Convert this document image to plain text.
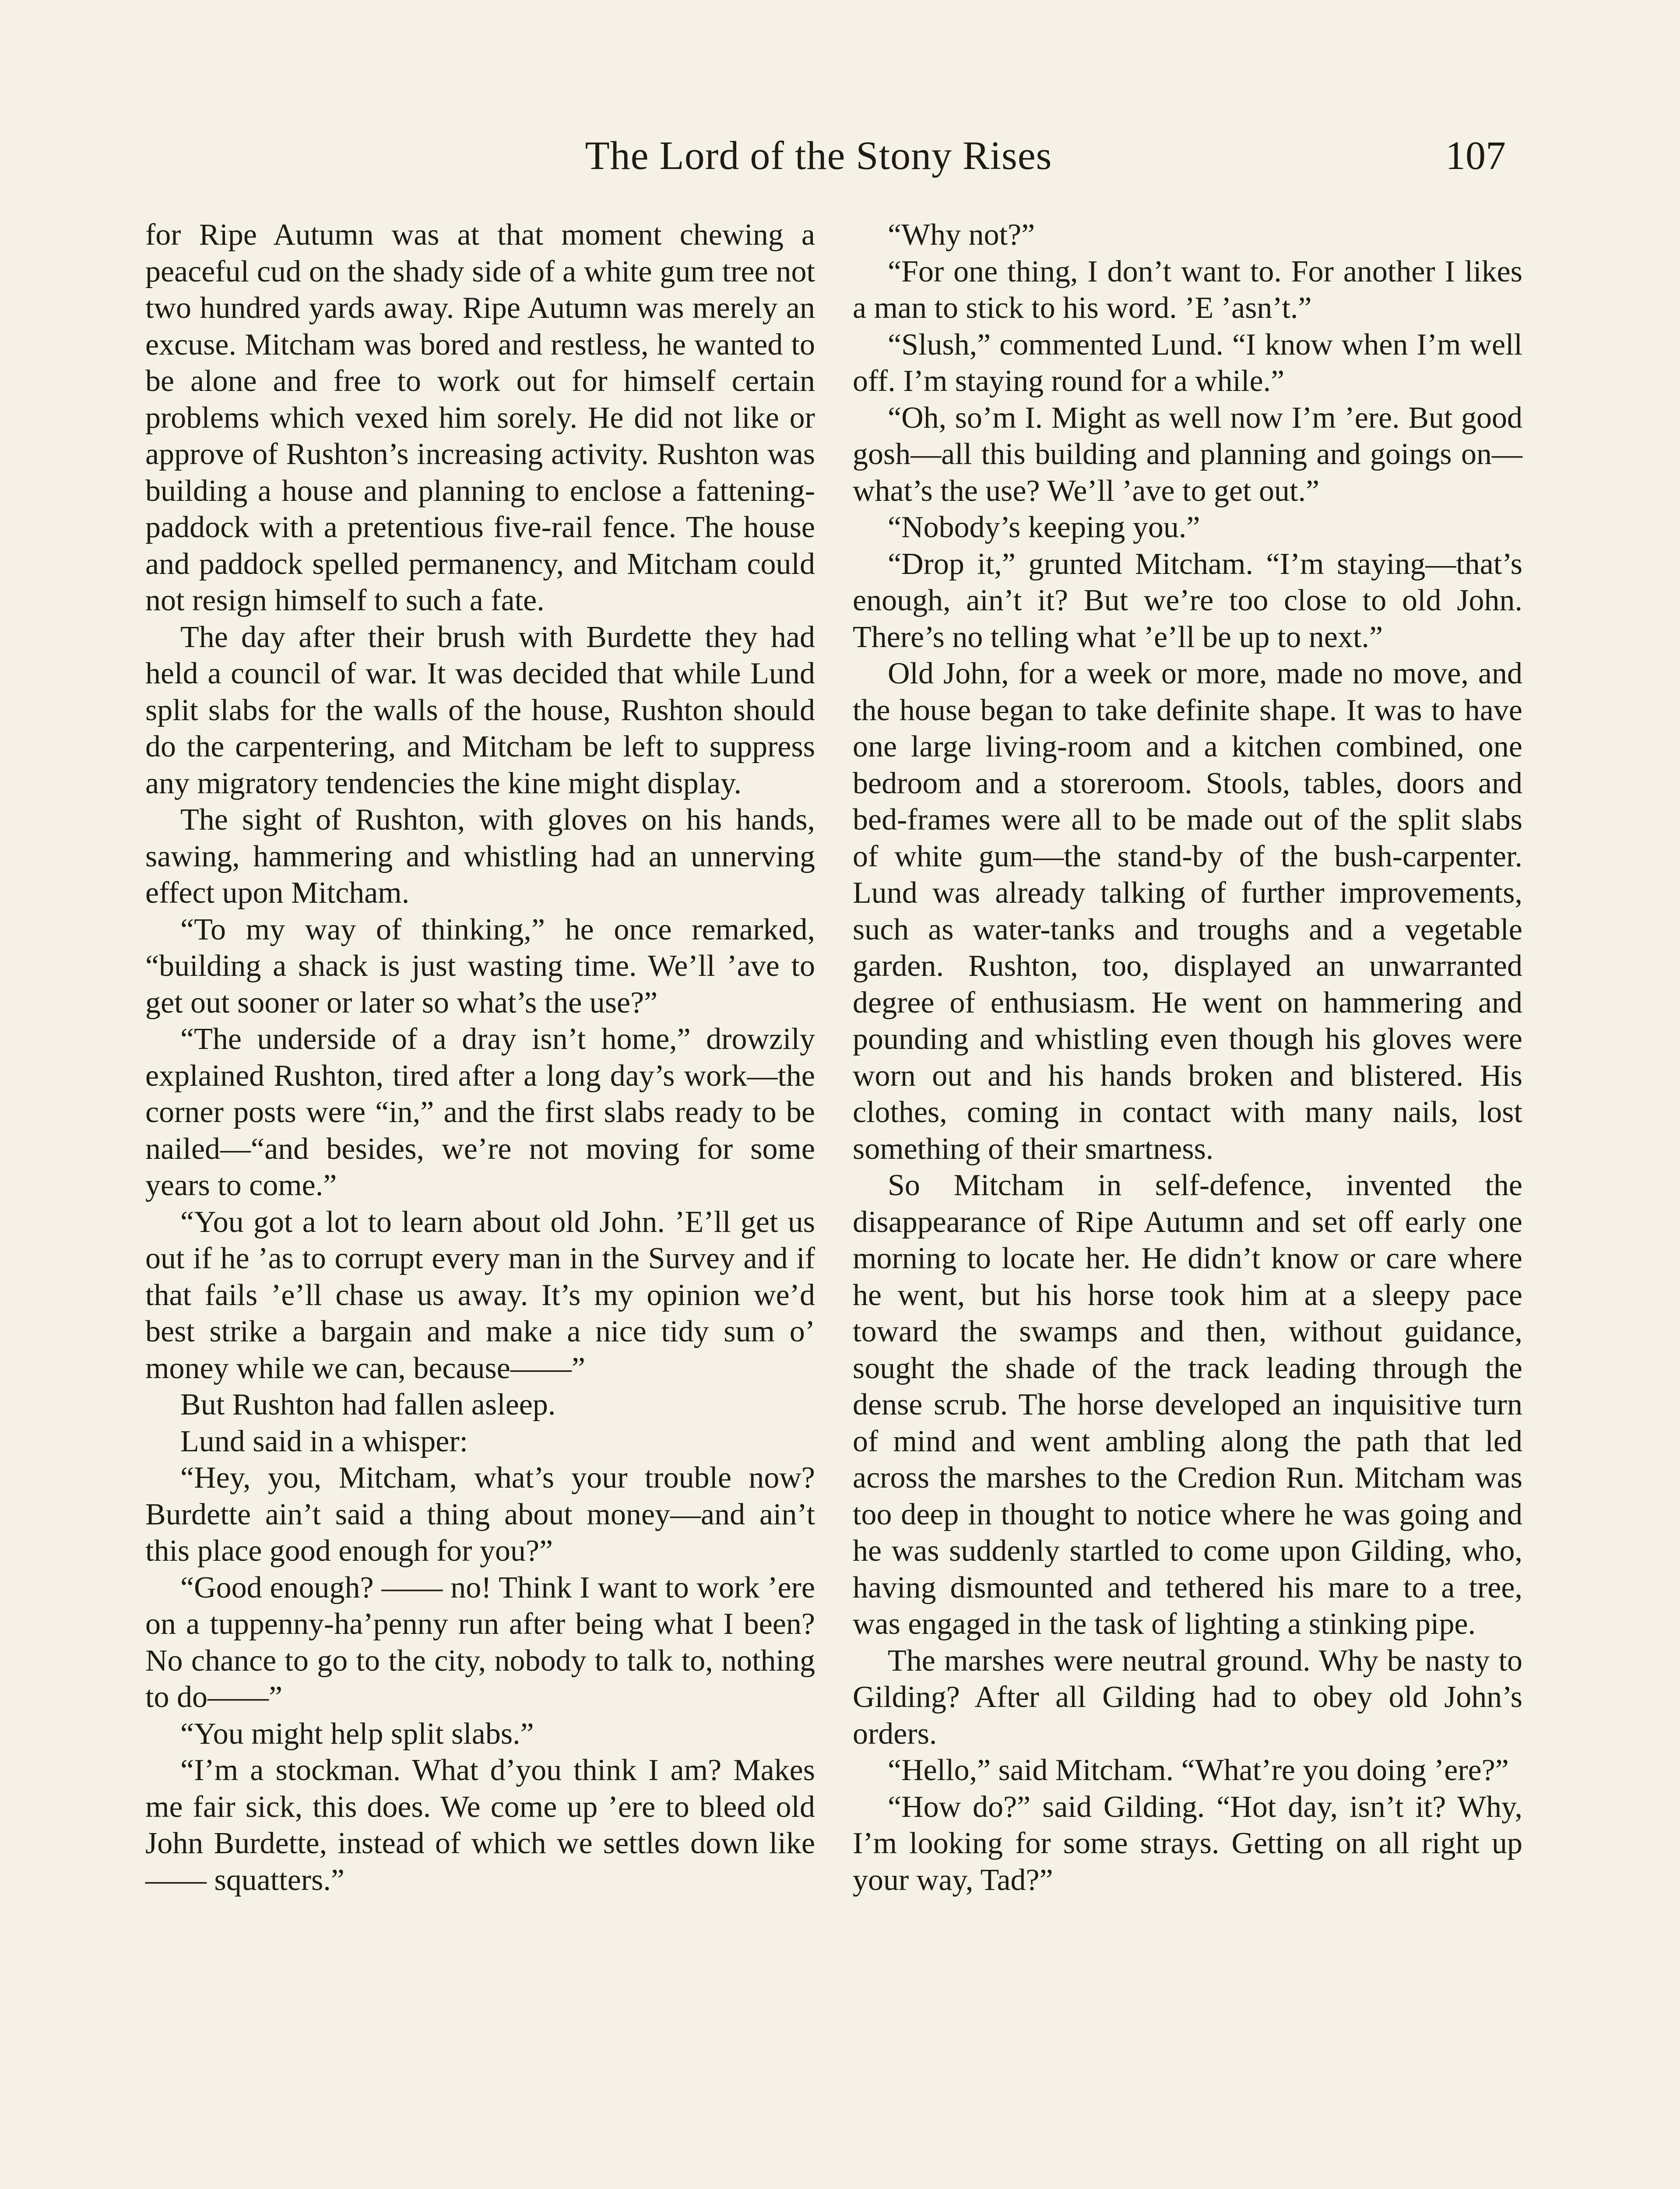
The Lord of the Stony Rises	107

for Ripe Autumn was at that moment chewing a peaceful cud on the shady side of a white gum tree not two hundred yards away. Ripe Autumn was merely an excuse. Mitcham was bored and restless, he wanted to be alone and free to work out for himself certain problems which vexed him sorely. He did not like or approve of Rushton’s increasing activity. Rushton was building a house and planning to enclose a fattening-paddock with a pretentious five-rail fence. The house and paddock spelled permanency, and Mitcham could not resign himself to such a fate.

The day after their brush with Burdette they had held a council of war. It was decided that while Lund split slabs for the walls of the house, Rushton should do the carpentering, and Mitcham be left to suppress any migratory tendencies the kine might display.

The sight of Rushton, with gloves on his hands, sawing, hammering and whistling had an unnerving effect upon Mitcham.

“To my way of thinking,” he once remarked, “building a shack is just wasting time. We’ll ’ave to get out sooner or later so what’s the use?”

“The underside of a dray isn’t home,” drowzily explained Rushton, tired after a long day’s work—the corner posts were “in,” and the first slabs ready to be nailed—“and besides, we’re not moving for some years to come.”

“You got a lot to learn about old John. ’E’ll get us out if he ’as to corrupt every man in the Survey and if that fails ’e’ll chase us away. It’s my opinion we’d best strike a bargain and make a nice tidy sum o’ money while we can, because——”

But Rushton had fallen asleep.

Lund said in a whisper:

“Hey, you, Mitcham, what’s your trouble now? Burdette ain’t said a thing about money—and ain’t this place good enough for you?”

“Good enough? —— no! Think I want to work ’ere on a tuppenny-ha’penny run after being what I been? No chance to go to the city, nobody to talk to, nothing to do——”

“You might help split slabs.”

“I’m a stockman. What d’you think I am? Makes me fair sick, this does. We come up ’ere to bleed old John Burdette, instead of which we settles down like —— squatters.”

“Why not?”

“For one thing, I don’t want to. For another I likes a man to stick to his word. ’E ’asn’t.”

“Slush,” commented Lund. “I know when I’m well off. I’m staying round for a while.”

“Oh, so’m I. Might as well now I’m ’ere. But good gosh—all this building and planning and goings on—what’s the use? We’ll ’ave to get out.”

“Nobody’s keeping you.”

“Drop it,” grunted Mitcham. “I’m staying—that’s enough, ain’t it? But we’re too close to old John. There’s no telling what ’e’ll be up to next.”

Old John, for a week or more, made no move, and the house began to take definite shape. It was to have one large living-room and a kitchen combined, one bedroom and a storeroom. Stools, tables, doors and bed-frames were all to be made out of the split slabs of white gum—the stand-by of the bush-carpenter. Lund was already talking of further improvements, such as water-tanks and troughs and a vegetable garden. Rushton, too, displayed an unwarranted degree of enthusiasm. He went on hammering and pounding and whistling even though his gloves were worn out and his hands broken and blistered. His clothes, coming in contact with many nails, lost something of their smartness.

So Mitcham in self-defence, invented the disappearance of Ripe Autumn and set off early one morning to locate her. He didn’t know or care where he went, but his horse took him at a sleepy pace toward the swamps and then, without guidance, sought the shade of the track leading through the dense scrub. The horse developed an inquisitive turn of mind and went ambling along the path that led across the marshes to the Credion Run. Mitcham was too deep in thought to notice where he was going and he was suddenly startled to come upon Gilding, who, having dismounted and tethered his mare to a tree, was engaged in the task of lighting a stinking pipe.

The marshes were neutral ground. Why be nasty to Gilding? After all Gilding had to obey old John’s orders.

“Hello,” said Mitcham. “What’re you doing ’ere?”

“How do?” said Gilding. “Hot day, isn’t it? Why, I’m looking for some strays. Getting on all right up your way, Tad?”
